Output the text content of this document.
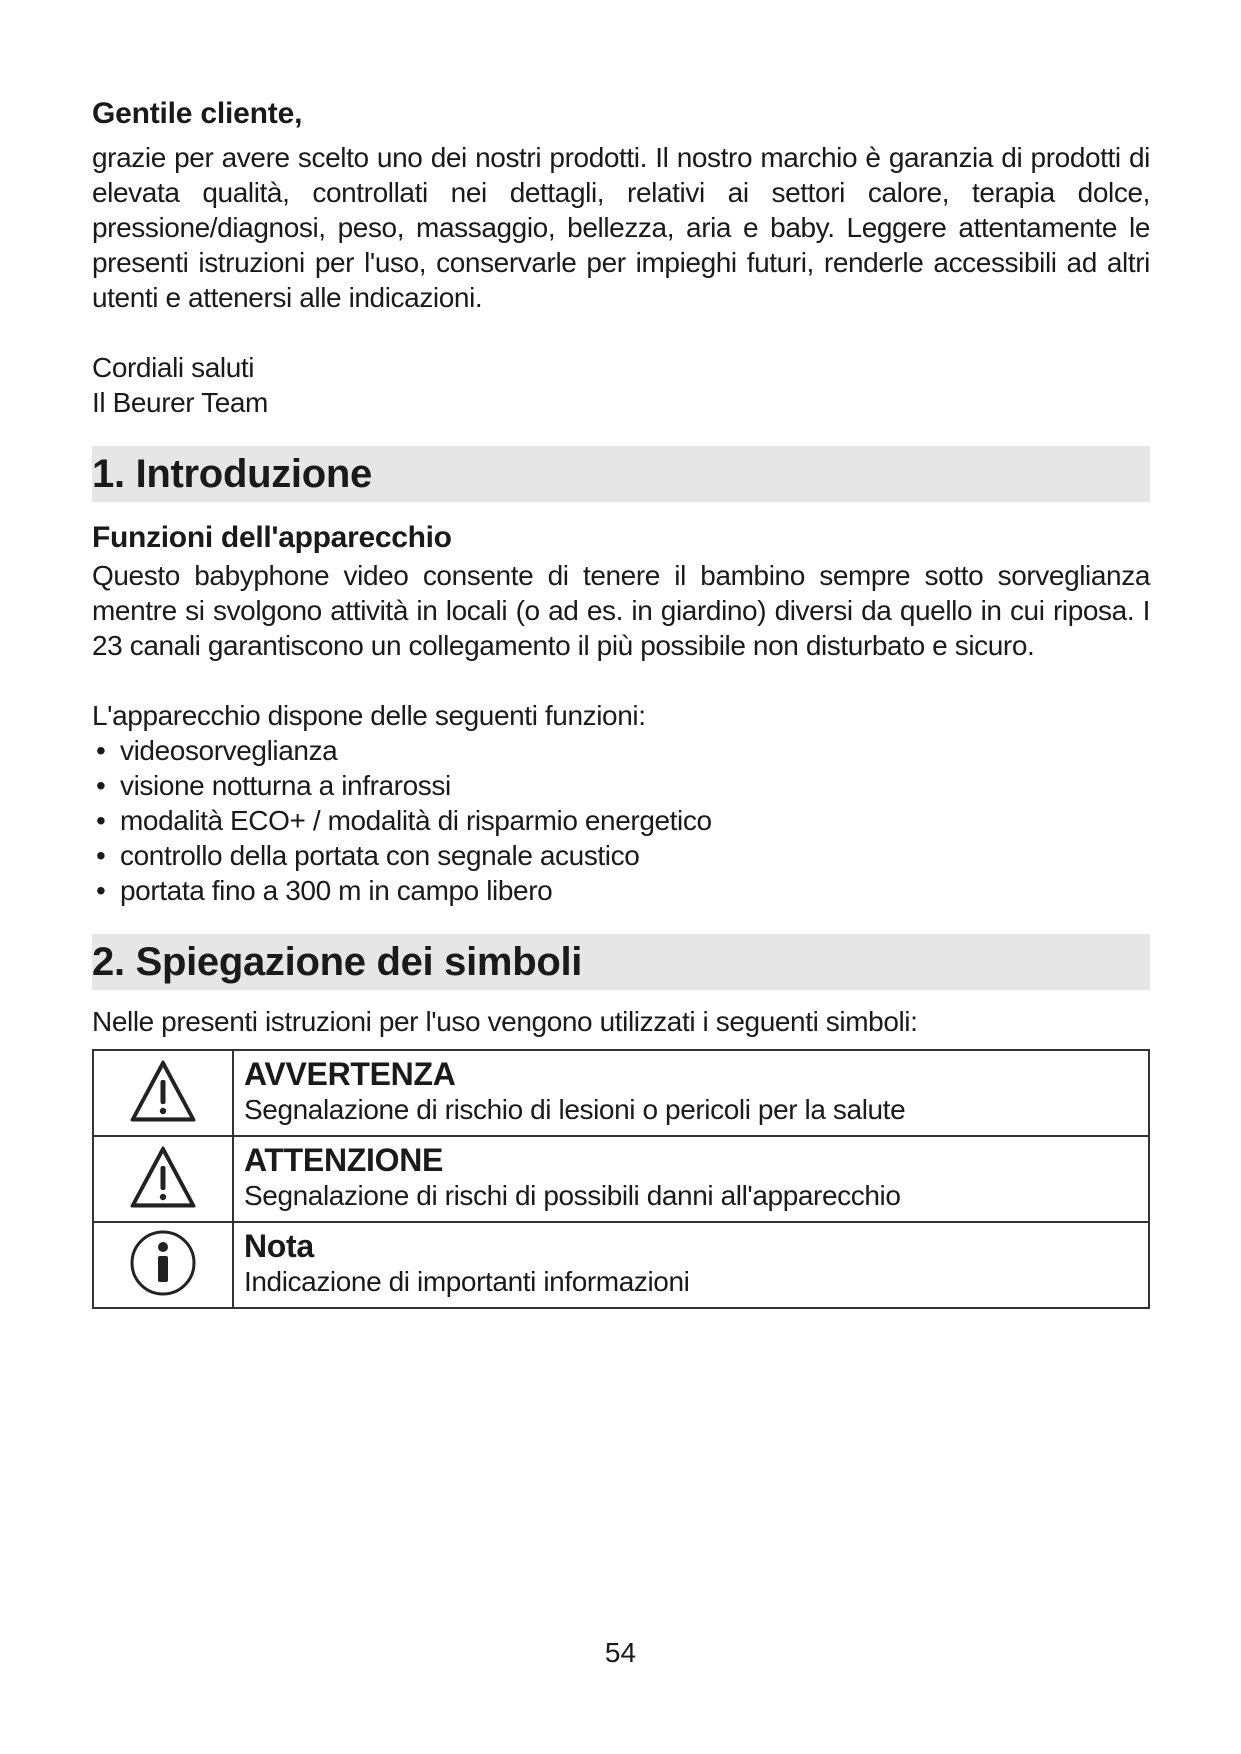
Gentile cliente,

grazie per avere scelto uno dei nostri prodotti. Il nostro marchio è garanzia di prodotti di elevata qualità, controllati nei dettagli, relativi ai settori calore, terapia dolce, pressione/diagnosi, peso, massaggio, bellezza, aria e baby. Leggere attentamente le presenti istruzioni per l'uso, conservarle per impieghi futuri, renderle accessibili ad altri utenti e attenersi alle indicazioni.

Cordiali saluti

Il Beurer Team

1. Introduzione
Funzioni dell'apparecchio

Questo babyphone video consente di tenere il bambino sempre sotto sorveglianza mentre si svolgono attività in locali (o ad es. in giardino) diversi da quello in cui riposa. I 23 canali garantiscono un collegamento il più possibile non disturbato e sicuro.

L'apparecchio dispone delle seguenti funzioni:

• videosorveglianza
• visione notturna a infrarossi
• modalità ECO+ / modalità di risparmio energetico
• controllo della portata con segnale acustico
• portata fino a 300 m in campo libero
2. Spiegazione dei simboli

Nelle presenti istruzioni per l'uso vengono utilizzati i seguenti simboli:

AVVERTENZA
Segnalazione di rischio di lesioni o pericoli per la salute

ATTENZIONE
Segnalazione di rischi di possibili danni all'apparecchio

Nota
Indicazione di importanti informazioni
54
